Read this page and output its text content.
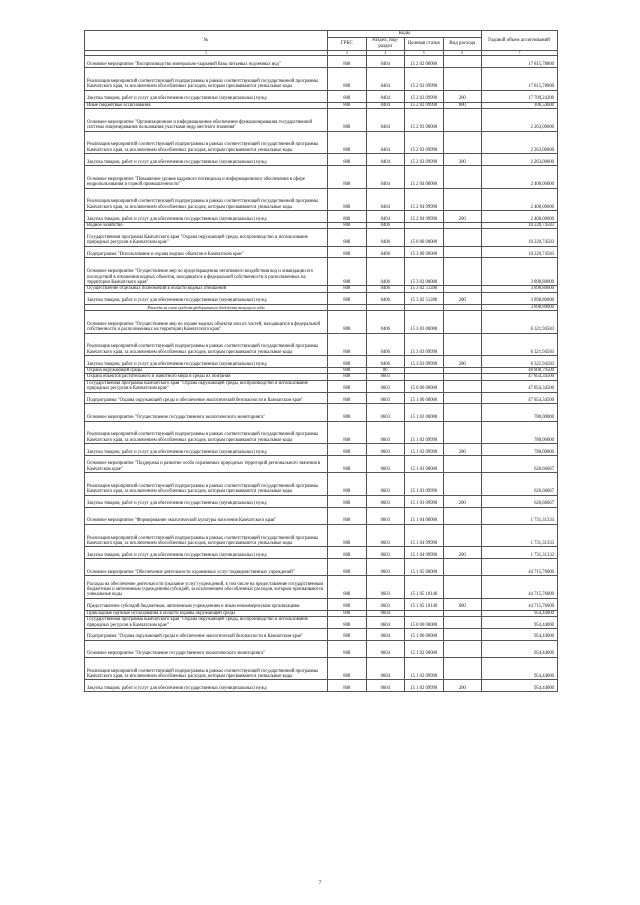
№	Коды				Годовой объем ассигнований
	ГРБС	Раздел, под-раздел	Целевая статья	Вид расхода	
1	3	4	5	6	7
Основное мероприятие "Воспроизводство минерально-сырьевой базы питьевых подземных вод"	808	0404	15 2 02 00000		17 815,78800
Реализация мероприятий соответствующей подпрограммы в рамках соответствующей государственной программы Камчатского края, за исключением обособленных расходов, которым присваиваются уникальные коды	808	0404	15 2 02 09990		17 815,78800
Закупка товаров, работ и услуг для обеспечения государственных (муниципальных) нужд	808	0404	15 2 02 09990	200	17 709,24200
Иные бюджетные ассигнования	808	0404	15 2 02 09990	800	106,54600
Основное мероприятие "Организационное и информационное обеспечение функционирования государственной системы лицензирования пользования участками недр местного значения"	808	0404	15 2 03 00000		2 263,00000
Реализация мероприятий соответствующей подпрограммы в рамках соответствующей государственной программы Камчатского края, за исключением обособленных расходов, которым присваиваются уникальные коды	808	0404	15 2 03 09990		2 263,00000
Закупка товаров, работ и услуг для обеспечения государственных (муниципальных) нужд	808	0404	15 2 03 09990	200	2 263,00000
Основное мероприятие "Повышение уровня кадрового потенциала и информационного обеспечения в сфере недропользования и горной промышленности"	808	0404	15 2 04 00000		2 400,00000
Реализация мероприятий соответствующей подпрограммы в рамках соответствующей государственной программы Камчатского края, за исключением обособленных расходов, которым присваиваются уникальные коды	808	0404	15 2 04 09990		2 400,00000
Закупка товаров, работ и услуг для обеспечения государственных (муниципальных) нужд	808	0404	15 2 04 09990	200	2 400,00000
Водное хозяйство	808	0406			10 220,74583
Государственная программа Камчатского края "Охрана окружающей среды, воспроизводство и использование природных ресурсов в Камчатском крае"	808	0406	15 0 00 00000		10 220,74583
Подпрограмма "Использование и охрана водных объектов в Камчатском крае"	808	0406	15 3 00 00000		10 220,74583
Основное мероприятие "Осуществление мер по предотвращению негативного воздействия вод и ликвидации его последствий в отношении водных объектов, находящихся в федеральной собственности и расположенных на территории Камчатского края"	808	0406	15 3 02 00000		3 898,80000
Осуществление отдельных полномочий в области водных отношений	808	0406	15 3 02 51280		3 898,80000
Закупка товаров, работ и услуг для обеспечения государственных (муниципальных) нужд	808	0406	15 3 02 51280	200	3 898,80000
Расходы за счет средств федерального бюджета текущего года					3 898,80000
Основное мероприятие "Осуществление мер по охране водных объектов или их частей, находящихся в федеральной собственности и расположенных на территории Камчатского края"	808	0406	15 3 03 00000		6 321,94583
Реализация мероприятий соответствующей подпрограммы в рамках соответствующей государственной программы Камчатского края, за исключением обособленных расходов, которым присваиваются уникальные коды	808	0406	15 3 03 09990		6 321,94583
Закупка товаров, работ и услуг для обеспечения государственных (муниципальных) нужд	808	0406	15 3 03 09990	200	6 321,94583
Охрана окружающей среды	808	06			48 808,79500
Охрана объектов растительного и животного мира и среды их обитания	808	0603			47 854,34500
Государственная программа Камчатского края "Охрана окружающей среды, воспроизводство и использование природных ресурсов в Камчатском крае"	808	0603	15 0 00 00000		47 854,34500
Подпрограмма "Охрана окружающей среды и обеспечение экологической безопасности в Камчатском крае"	808	0603	15 1 00 00000		47 854,34500
Основное мероприятие "Осуществление государственного экологического мониторинга"	808	0603	15 1 02 00000		780,00000
Реализация мероприятий соответствующей подпрограммы в рамках соответствующей государственной программы Камчатского края, за исключением обособленных расходов, которым присваиваются уникальные коды	808	0603	15 1 02 09990		780,00000
Закупка товаров, работ и услуг для обеспечения государственных (муниципальных) нужд	808	0603	15 1 02 09990	200	780,00000
Основное мероприятие "Поддержка и развитие особо охраняемых природных территорий регионального значения в Камчатском крае"	808	0603	15 1 03 00000		626,66667
Реализация мероприятий соответствующей подпрограммы в рамках соответствующей государственной программы Камчатского края, за исключением обособленных расходов, которым присваиваются уникальные коды	808	0603	15 1 03 09990		626,66667
Закупка товаров, работ и услуг для обеспечения государственных (муниципальных) нужд	808	0603	15 1 03 09990	200	626,66667
Основное мероприятие "Формирование экологической культуры населения Камчатского края"	808	0603	15 1 04 00000		1 731,31333
Реализация мероприятий соответствующей подпрограммы в рамках соответствующей государственной программы Камчатского края, за исключением обособленных расходов, которым присваиваются уникальные коды	808	0603	15 1 04 09990		1 731,31333
Закупка товаров, работ и услуг для обеспечения государственных (муниципальных) нужд	808	0603	15 1 04 09990	200	1 731,31333
Основное мероприятие "Обеспечение деятельности охраняемых услуг подведомственных учреждений"	808	0603	15 1 05 00000		44 715,76000
Расходы на обеспечение деятельности (оказание услуг) учреждений, в том числе на предоставление государственным бюджетным и автономным учреждениям субсидий, за исключением обособленных расходов, которым присваиваются уникальные коды	808	0603	15 1 05 10140		44 715,76000
Предоставление субсидий бюджетным, автономным учреждениям и иным некоммерческим организациям	808	0603	15 1 05 10140	600	44 715,76000
Прикладные научные исследования в области охраны окружающей среды	808	0604			954,44000
Государственная программа Камчатского края "Охрана окружающей среды, воспроизводство и использование природных ресурсов в Камчатском крае"	808	0604	15 0 00 00000		954,44000
Подпрограмма "Охрана окружающей среды и обеспечение экологической безопасности в Камчатском крае"	808	0604	15 1 00 00000		954,44000
Основное мероприятие "Осуществление государственного экологического мониторинга"	808	0604	15 1 02 00000		954,44000
Реализация мероприятий соответствующей подпрограммы в рамках соответствующей государственной программы Камчатского края, за исключением обособленных расходов, которым присваиваются уникальные коды	808	0604	15 1 02 09990		954,44000
Закупка товаров, работ и услуг для обеспечения государственных (муниципальных) нужд	808	0604	15 1 02 09990	200	954,44000
7
